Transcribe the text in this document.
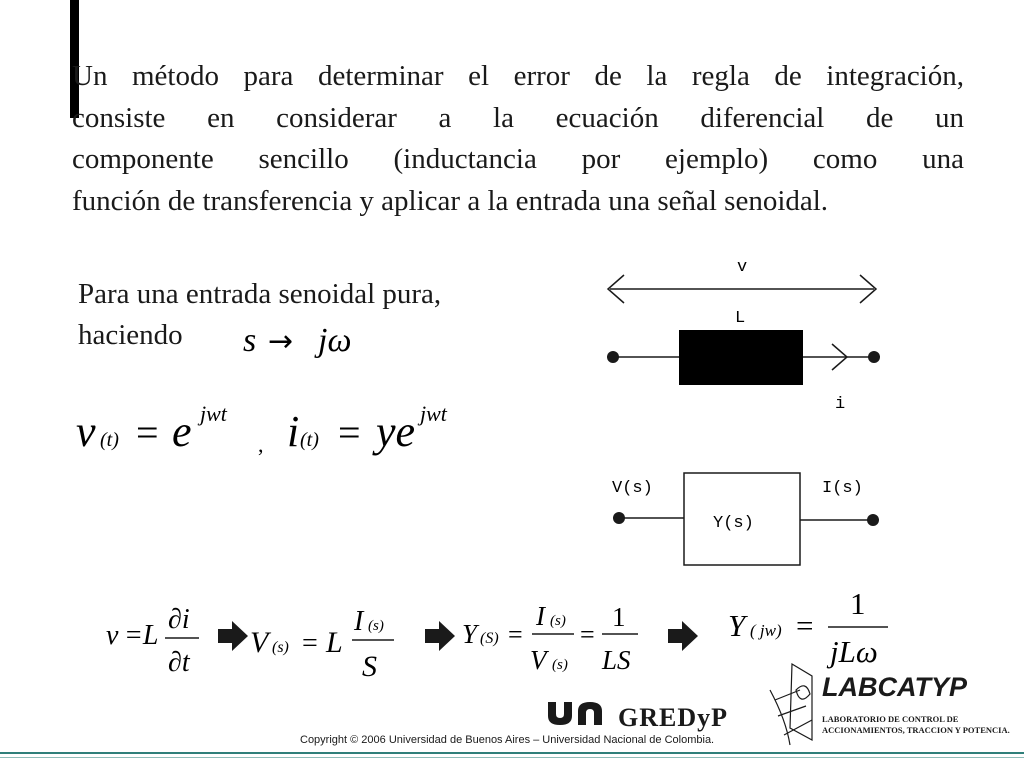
Un método para determinar el error de la regla de integración,
consiste en considerar a la ecuación diferencial de un
componente sencillo (inductancia por ejemplo) como una
función de transferencia y aplicar a la entrada una señal senoidal.
Para una entrada senoidal pura,
haciendo	s → jω
v (t) = e jwt
, i (t) = ye jwt
v
L
i
V(s)	I(s)
Y(s)
v =L
∂i
∂t
V (s) = L
I (s)
S
Y (S) =
I (s)
V (s)
=
1
LS
Y ( jw) =
1
jLω
GREDyP
LABCATYP
LABORATORIO DE CONTROL DE
ACCIONAMIENTOS, TRACCION Y POTENCIA.
Copyright © 2006 Universidad de Buenos Aires – Universidad Nacional de Colombia.
